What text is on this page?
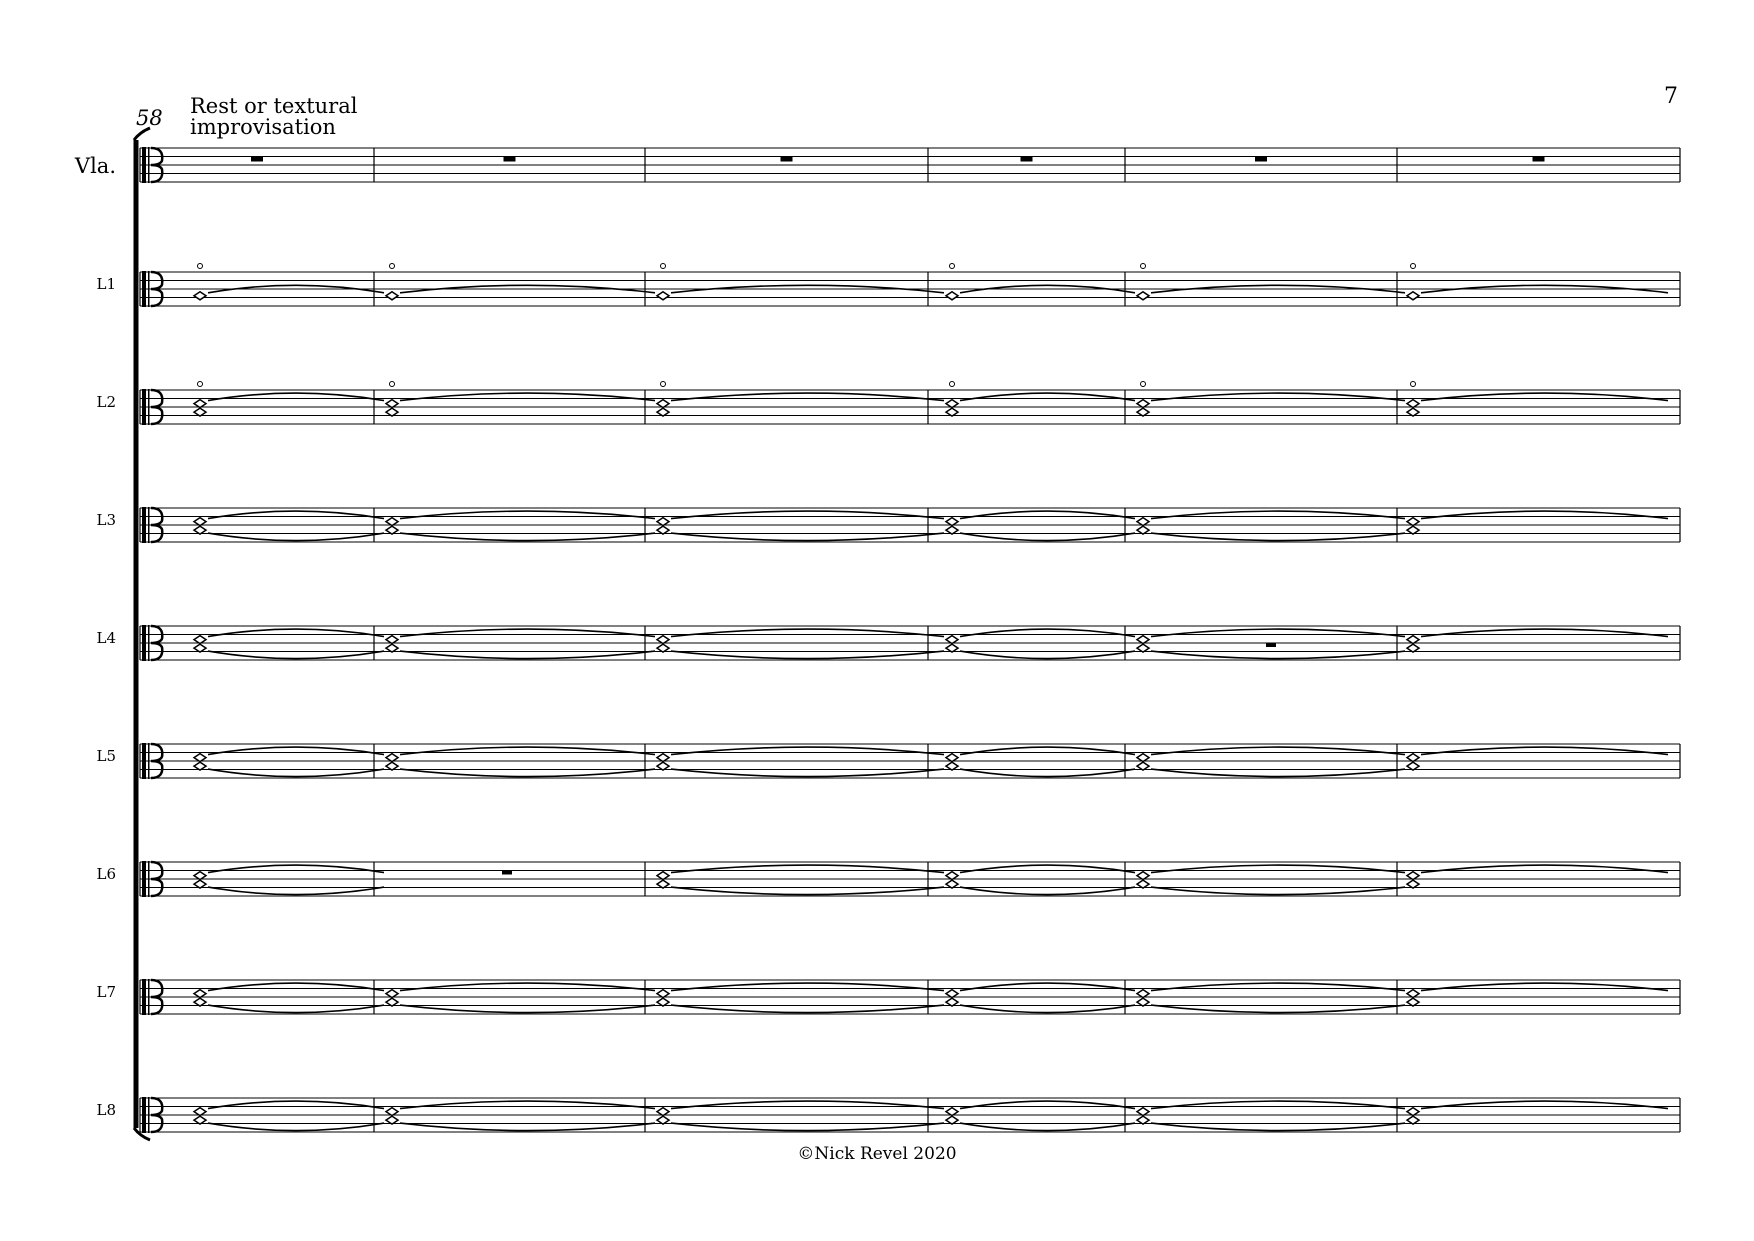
7
58 Rest or textural
improvisation
Vla.
L1
L2
L3
L4
L5
L6
L7
L8
©Nick Revel 2020
